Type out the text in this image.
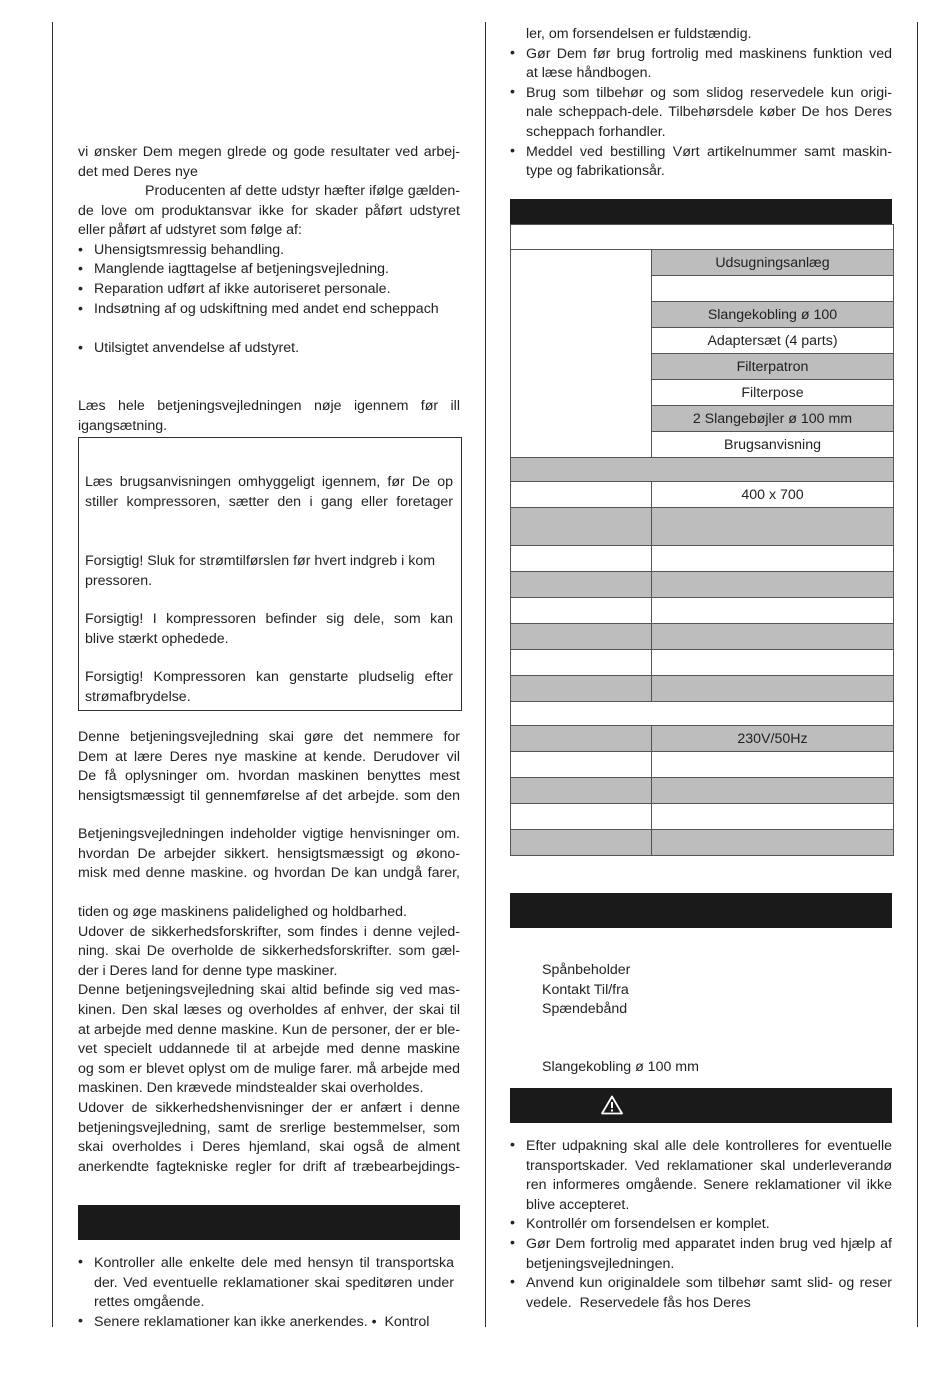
vi ønsker Dem megen glrede og gode resultater ved arbej-

det med Deres nye

Producenten af dette udstyr hæfter ifølge gælden-

de love om produktansvar ikke for skader påført udstyret

eller påført af udstyret som følge af:

• Uhensigtsmressig behandling.
• Manglende iagttagelse af betjeningsvejledning.
• Reparation udført af ikke autoriseret personale.
• Indsøtning af og udskiftning med andet end scheppach
• Utilsigtet anvendelse af udstyret.

Læs hele betjeningsvejledningen nøje igennem før ill

igangsætning.

Læs brugsanvisningen omhyggeligt igennem, før De op

stiller kompressoren, sætter den i gang eller foretager

Forsigtig! Sluk for strømtilførslen før hvert indgreb i kom

pressoren.

Forsigtig! I kompressoren befinder sig dele, som kan

blive stærkt ophedede.

Forsigtig! Kompressoren kan genstarte pludselig efter

strømafbrydelse.

Denne betjeningsvejledning skai gøre det nemmere for

Dem at lære Deres nye maskine at kende. Derudover vil

De få oplysninger om. hvordan maskinen benyttes mest

hensigtsmæssigt til gennemførelse af det arbejde. som den

Betjeningsvejledningen indeholder vigtige henvisninger om.

hvordan De arbejder sikkert. hensigtsmæssigt og økono-

misk med denne maskine. og hvordan De kan undgå farer,

tiden og øge maskinens palidelighed og holdbarhed.

Udover de sikkerhedsforskrifter, som findes i denne vejled-

ning. skai De overholde de sikkerhedsforskrifter. som gæl-

der i Deres land for denne type maskiner.

Denne betjeningsvejledning skai altid befinde sig ved mas-

kinen. Den skal læses og overholdes af enhver, der skai til

at arbejde med denne maskine. Kun de personer, der er ble-

vet specielt uddannede til at arbejde med denne maskine

og som er blevet oplyst om de mulige farer. må arbejde med

maskinen. Den krævede mindstealder skai overholdes.

Udover de sikkerhedshenvisninger der er anfært i denne

betjeningsvejledning, samt de srerlige bestemmelser, som

skai overholdes i Deres hjemland, skai også de alment

anerkendte fagtekniske regler for drift af træbearbejdings-

• Kontroller alle enkelte dele med hensyn til transportska

der. Ved eventuelle reklamationer skai speditøren under

rettes omgående.

• Senere reklamationer kan ikke anerkendes. •  Kontrol

ler, om forsendelsen er fuldstændig.

• Gør Dem før brug fortrolig med maskinens funktion ved

at læse håndbogen.

• Brug som tilbehør og som slidog reservedele kun origi-

nale scheppach-dele. Tilbehørsdele køber De hos Deres

scheppach forhandler.

• Meddel ved bestilling Vørt artikelnummer samt maskin-

type og fabrikationsår.

	Udsugningsanlæg

	Slangekobling ø 100
	Adaptersæt (4 parts)
	Filterpatron
	Filterpose
	2 Slangebøjler ø 100 mm
	Brugsanvisning

	400 x 700

	230V/50Hz

Spånbeholder

Kontakt Til/fra

Spændebånd

Slangekobling ø 100 mm

• Efter udpakning skal alle dele kontrolleres for eventuelle

transportskader. Ved reklamationer skal underleverandø

ren informeres omgående. Senere reklamationer vil ikke

blive accepteret.

• Kontrollér om forsendelsen er komplet.

• Gør Dem fortrolig med apparatet inden brug ved hjælp af

betjeningsvejledningen.

• Anvend kun originaldele som tilbehør samt slid- og reser

vedele.  Reservedele fås hos Deres
